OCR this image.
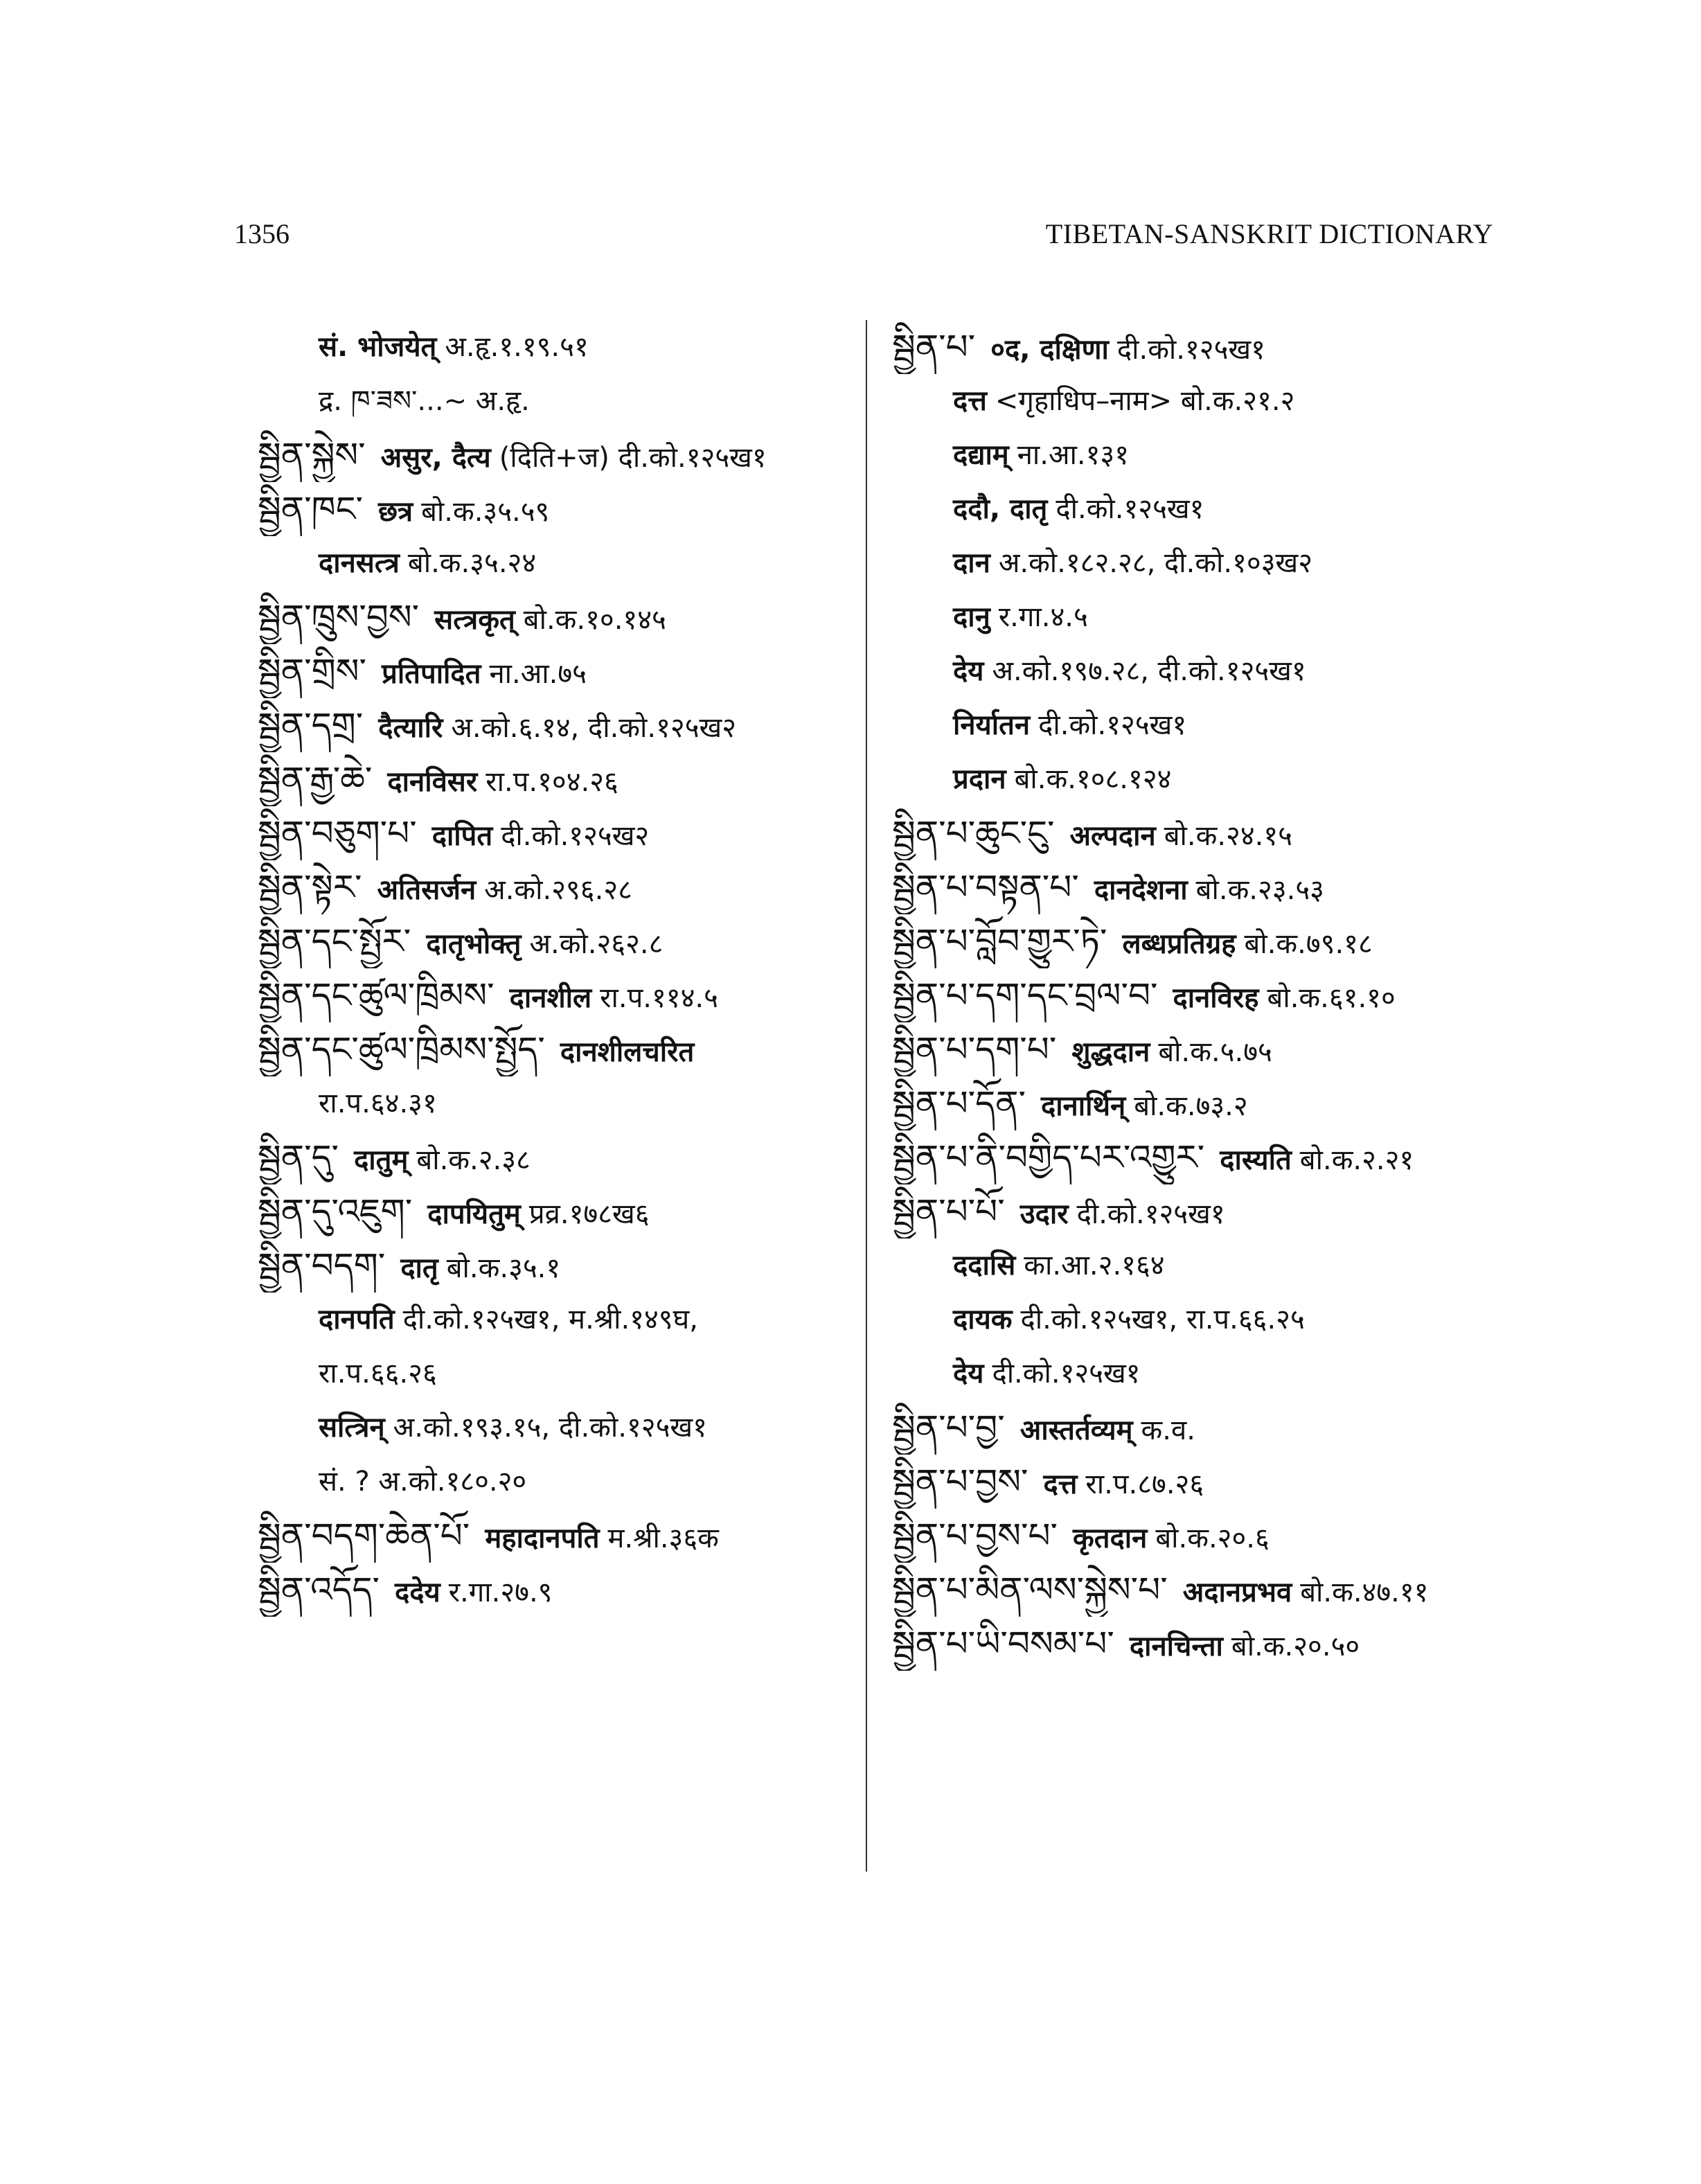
1356	TIBETAN-SANSKRIT DICTIONARY
सं. भोजयेत् अ.हृ.१.१९.५१
द्र. ཁ་ཟས་...~ अ.हृ.
སྦྱིན་སྐྱེས་ असुर, दैत्य (दिति+ज) दी.को.१२५ख१
སྦྱིན་ཁང་ छत्र बो.क.३५.५९
दानसत्त्र बो.क.३५.२४
སྦྱིན་ཁྲུས་བྱས་ सत्त्रकृत् बो.क.१०.१४५
སྦྱིན་གྲིས་ प्रतिपादित ना.आ.७५
སྦྱིན་དགྲ་ दैत्यारि अ.को.६.१४, दी.को.१२५ख२
སྦྱིན་རྒྱ་ཆེ་ दानविसर रा.प.१०४.२६
སྦྱིན་བཅུག་པ་ दापित दी.को.१२५ख२
སྦྱིན་སྟེར་ अतिसर्जन अ.को.२९६.२८
སྦྱིན་དང་སྤྱོར་ दातृभोक्तृ अ.को.२६२.८
སྦྱིན་དང་ཚུལ་ཁྲིམས་ दानशील रा.प.११४.५
སྦྱིན་དང་ཚུལ་ཁྲིམས་སྤྱོད་ दानशीलचरित
रा.प.६४.३१
སྦྱིན་དུ་ दातुम् बो.क.२.३८
སྦྱིན་དུ་འཇུག་ दापयितुम् प्रव्र.१७८ख६
སྦྱིན་བདག་ दातृ बो.क.३५.१
दानपति दी.को.१२५ख१, म.श्री.१४९घ,
रा.प.६६.२६
सत्त्रिन् अ.को.१९३.१५, दी.को.१२५ख१
सं. ? अ.को.१८०.२०
སྦྱིན་བདག་ཆེན་པོ་ महादानपति म.श्री.३६क
སྦྱིན་འདོད་ ददेय र.गा.२७.९
སྦྱིན་པ་ ०द, दक्षिणा दी.को.१२५ख१
दत्त <गृहाधिप–नाम> बो.क.२१.२
दद्याम् ना.आ.१३१
ददौ, दातृ दी.को.१२५ख१
दान अ.को.१८२.२८, दी.को.१०३ख२
दानु र.गा.४.५
देय अ.को.१९७.२८, दी.को.१२५ख१
निर्यातन दी.को.१२५ख१
प्रदान बो.क.१०८.१२४
སྦྱིན་པ་ཆུང་ངུ་ अल्पदान बो.क.२४.१५
སྦྱིན་པ་བསྟན་པ་ दानदेशना बो.क.२३.५३
སྦྱིན་པ་བློབ་གྱུར་ཏེ་ लब्धप्रतिग्रह बो.क.७९.१८
སྦྱིན་པ་དག་དང་བྲལ་བ་ दानविरह बो.क.६१.१०
སྦྱིན་པ་དག་པ་ शुद्धदान बो.क.५.७५
སྦྱིན་པ་དོན་ दानार्थिन् बो.क.७३.२
སྦྱིན་པ་ནི་བགྱིད་པར་འགྱུར་ दास्यति बो.क.२.२१
སྦྱིན་པ་པོ་ उदार दी.को.१२५ख१
ददासि का.आ.२.१६४
दायक दी.को.१२५ख१, रा.प.६६.२५
देय दी.को.१२५ख१
སྦྱིན་པ་བྱ་ आस्तर्तव्यम् क.व.
སྦྱིན་པ་བྱས་ दत्त रा.प.८७.२६
སྦྱིན་པ་བྱས་པ་ कृतदान बो.क.२०.६
སྦྱིན་པ་མིན་ལས་སྐྱེས་པ་ अदानप्रभव बो.क.४७.११
སྦྱིན་པ་ཡི་བསམ་པ་ दानचिन्ता बो.क.२०.५०
